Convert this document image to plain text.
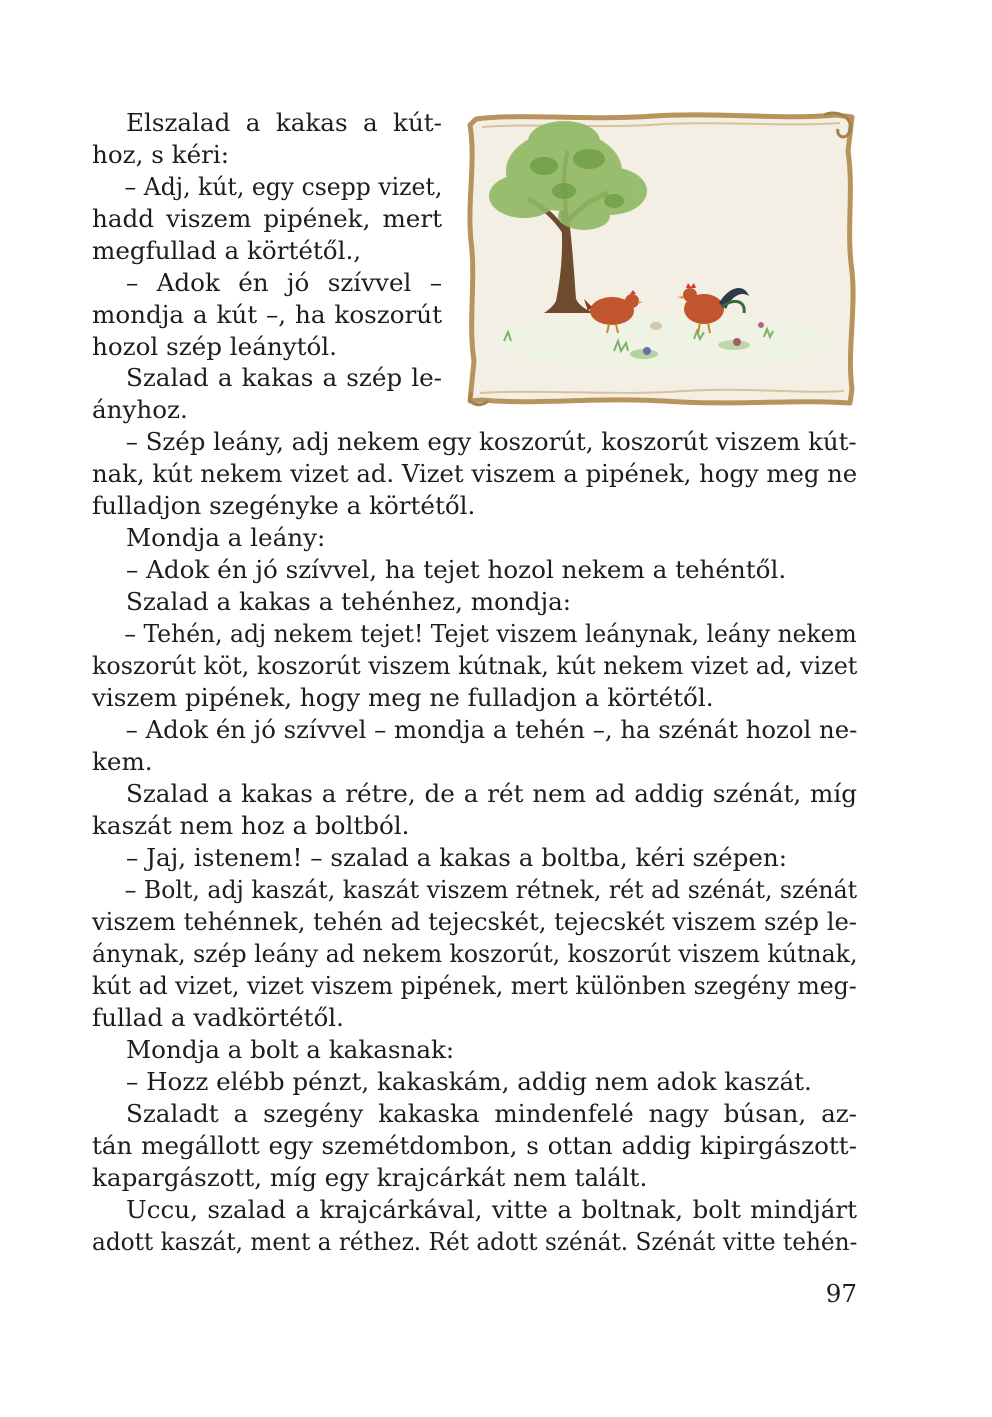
Elszalad a kakas a kút-
hoz, s kéri:
– Adj, kút, egy csepp vizet,
hadd viszem pipének, mert
megfullad a körtétől.,
– Adok én jó szívvel –
mondja a kút –, ha koszorút
hozol szép leánytól.
Szalad a kakas a szép le-
ányhoz.
– Szép leány, adj nekem egy koszorút, koszorút viszem kút-
nak, kút nekem vizet ad. Vizet viszem a pipének, hogy meg ne
fulladjon szegényke a körtétől.
Mondja a leány:
– Adok én jó szívvel, ha tejet hozol nekem a tehéntől.
Szalad a kakas a tehénhez, mondja:
– Tehén, adj nekem tejet! Tejet viszem leánynak, leány nekem
koszorút köt, koszorút viszem kútnak, kút nekem vizet ad, vizet
viszem pipének, hogy meg ne fulladjon a körtétől.
– Adok én jó szívvel – mondja a tehén –, ha szénát hozol ne-
kem.
Szalad a kakas a rétre, de a rét nem ad addig szénát, míg
kaszát nem hoz a boltból.
– Jaj, istenem! – szalad a kakas a boltba, kéri szépen:
– Bolt, adj kaszát, kaszát viszem rétnek, rét ad szénát, szénát
viszem tehénnek, tehén ad tejecskét, tejecskét viszem szép le-
ánynak, szép leány ad nekem koszorút, koszorút viszem kútnak,
kút ad vizet, vizet viszem pipének, mert különben szegény meg-
fullad a vadkörtétől.
Mondja a bolt a kakasnak:
– Hozz elébb pénzt, kakaskám, addig nem adok kaszát.
Szaladt a szegény kakaska mindenfelé nagy búsan, az-
tán megállott egy szemétdombon, s ottan addig kipirgászott-
kapargászott, míg egy krajcárkát nem talált.
Uccu, szalad a krajcárkával, vitte a boltnak, bolt mindjárt
adott kaszát, ment a réthez. Rét adott szénát. Szénát vitte tehén-
97
